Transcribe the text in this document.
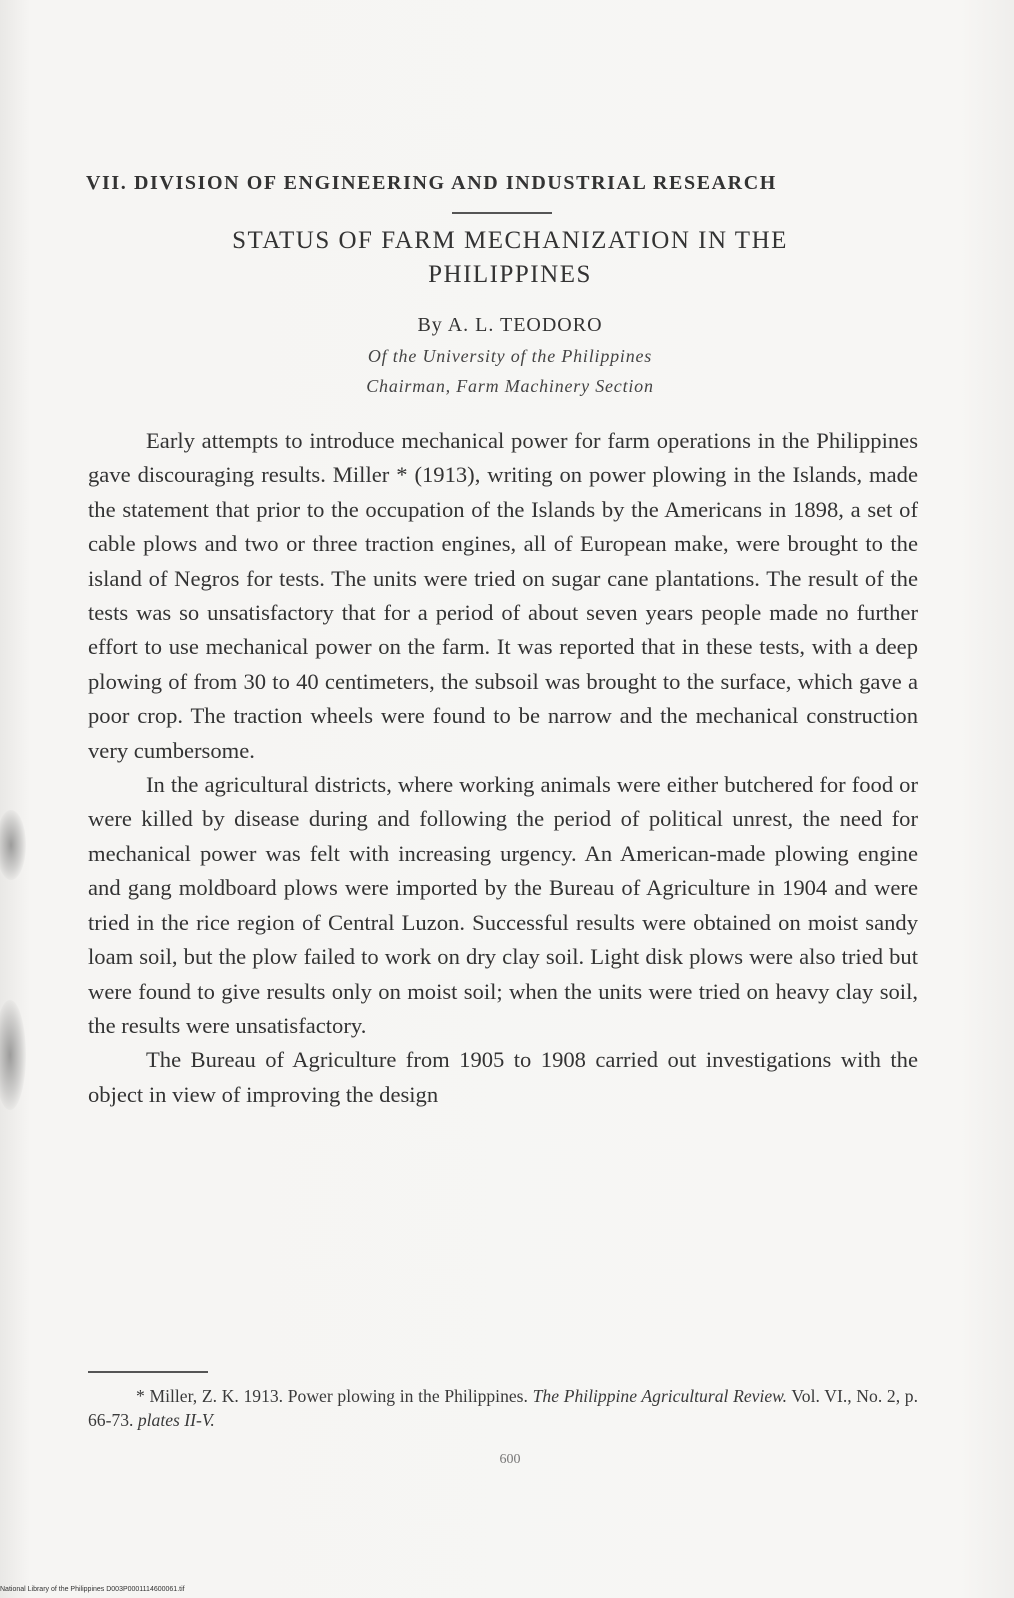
VII. DIVISION OF ENGINEERING AND INDUSTRIAL RESEARCH
STATUS OF FARM MECHANIZATION IN THE
PHILIPPINES
By A. L. TEODORO
Of the University of the Philippines
Chairman, Farm Machinery Section

Early attempts to introduce mechanical power for farm operations in the Philippines gave discouraging results. Miller * (1913), writing on power plowing in the Islands, made the statement that prior to the occupation of the Islands by the Americans in 1898, a set of cable plows and two or three traction engines, all of European make, were brought to the island of Negros for tests. The units were tried on sugar cane plantations. The result of the tests was so unsatisfactory that for a period of about seven years people made no further effort to use mechanical power on the farm. It was reported that in these tests, with a deep plowing of from 30 to 40 centimeters, the subsoil was brought to the surface, which gave a poor crop. The traction wheels were found to be narrow and the mechanical construction very cumbersome.

In the agricultural districts, where working animals were either butchered for food or were killed by disease during and following the period of political unrest, the need for mechanical power was felt with increasing urgency. An American-made plowing engine and gang moldboard plows were imported by the Bureau of Agriculture in 1904 and were tried in the rice region of Central Luzon. Successful results were obtained on moist sandy loam soil, but the plow failed to work on dry clay soil. Light disk plows were also tried but were found to give results only on moist soil; when the units were tried on heavy clay soil, the results were unsatisfactory.

The Bureau of Agriculture from 1905 to 1908 carried out investigations with the object in view of improving the design

* Miller, Z. K. 1913. Power plowing in the Philippines. The Philippine Agricultural Review. Vol. VI., No. 2, p. 66-73. plates II-V.
600
National Library of the Philippines D003P0001114600061.tif
